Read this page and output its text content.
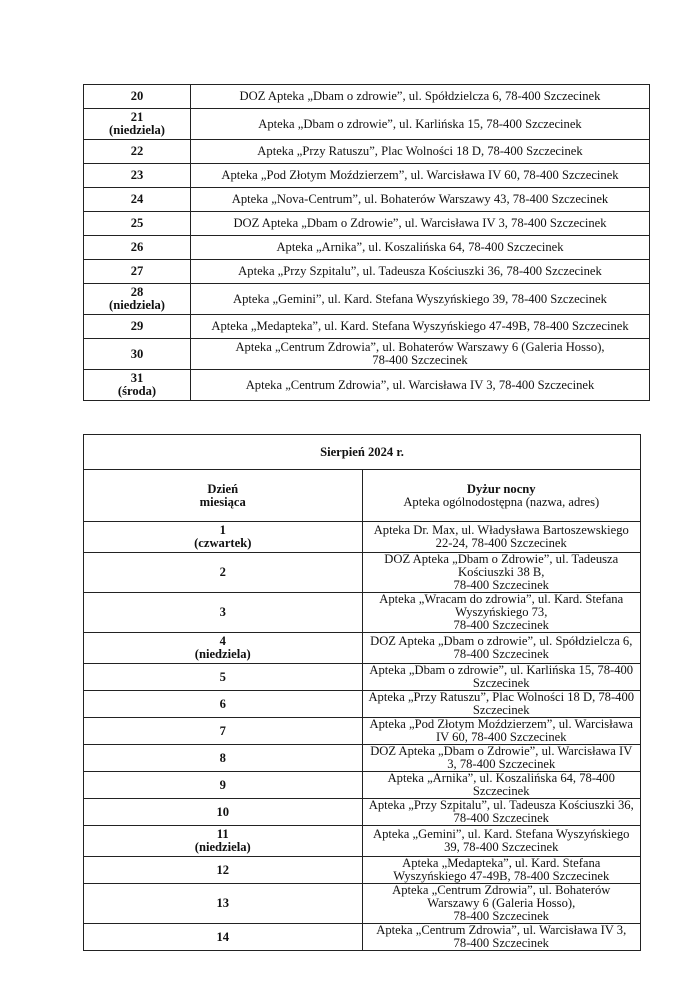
20	DOZ Apteka „Dbam o zdrowie”, ul. Spółdzielcza 6, 78-400 Szczecinek

21
(niedziela)	Apteka „Dbam o zdrowie”, ul. Karlińska 15, 78-400 Szczecinek

22	Apteka „Przy Ratuszu”, Plac Wolności 18 D, 78-400 Szczecinek

23	Apteka „Pod Złotym Moździerzem”, ul. Warcisława IV 60, 78-400 Szczecinek

24	Apteka „Nova-Centrum”, ul. Bohaterów Warszawy 43, 78-400 Szczecinek

25	DOZ Apteka „Dbam o Zdrowie”, ul. Warcisława IV 3, 78-400 Szczecinek

26	Apteka „Arnika”, ul. Koszalińska 64, 78-400 Szczecinek

27	Apteka „Przy Szpitalu”, ul. Tadeusza Kościuszki 36, 78-400 Szczecinek

28
(niedziela)	Apteka „Gemini”, ul. Kard. Stefana Wyszyńskiego 39, 78-400 Szczecinek

29	Apteka „Medapteka”, ul. Kard. Stefana Wyszyńskiego 47-49B, 78-400 Szczecinek

30	Apteka „Centrum Zdrowia”, ul. Bohaterów Warszawy 6 (Galeria Hosso),
78-400 Szczecinek

31
(środa)	Apteka „Centrum Zdrowia”, ul. Warcisława IV 3, 78-400 Szczecinek
Sierpień 2024 r.	

Dzień
miesiąca	Dyżur nocny
Apteka ogólnodostępna (nazwa, adres)

1
(czwartek)	Apteka Dr. Max, ul. Władysława Bartoszewskiego 22-24, 78-400 Szczecinek

2	DOZ Apteka „Dbam o Zdrowie”, ul. Tadeusza Kościuszki 38 B,
78-400 Szczecinek

3	Apteka „Wracam do zdrowia”, ul. Kard. Stefana Wyszyńskiego 73,
78-400 Szczecinek

4
(niedziela)	DOZ Apteka „Dbam o zdrowie”, ul. Spółdzielcza 6, 78-400 Szczecinek

5	Apteka „Dbam o zdrowie”, ul. Karlińska 15, 78-400 Szczecinek

6	Apteka „Przy Ratuszu”, Plac Wolności 18 D, 78-400 Szczecinek

7	Apteka „Pod Złotym Moździerzem”, ul. Warcisława IV 60, 78-400 Szczecinek

8	DOZ Apteka „Dbam o Zdrowie”, ul. Warcisława IV 3, 78-400 Szczecinek

9	Apteka „Arnika”, ul. Koszalińska 64, 78-400 Szczecinek

10	Apteka „Przy Szpitalu”, ul. Tadeusza Kościuszki 36, 78-400 Szczecinek

11
(niedziela)	Apteka „Gemini”, ul. Kard. Stefana Wyszyńskiego 39, 78-400 Szczecinek

12	Apteka „Medapteka”, ul. Kard. Stefana Wyszyńskiego 47-49B, 78-400 Szczecinek

13	Apteka „Centrum Zdrowia”, ul. Bohaterów Warszawy 6 (Galeria Hosso),
78-400 Szczecinek

14	Apteka „Centrum Zdrowia”, ul. Warcisława IV 3, 78-400 Szczecinek
